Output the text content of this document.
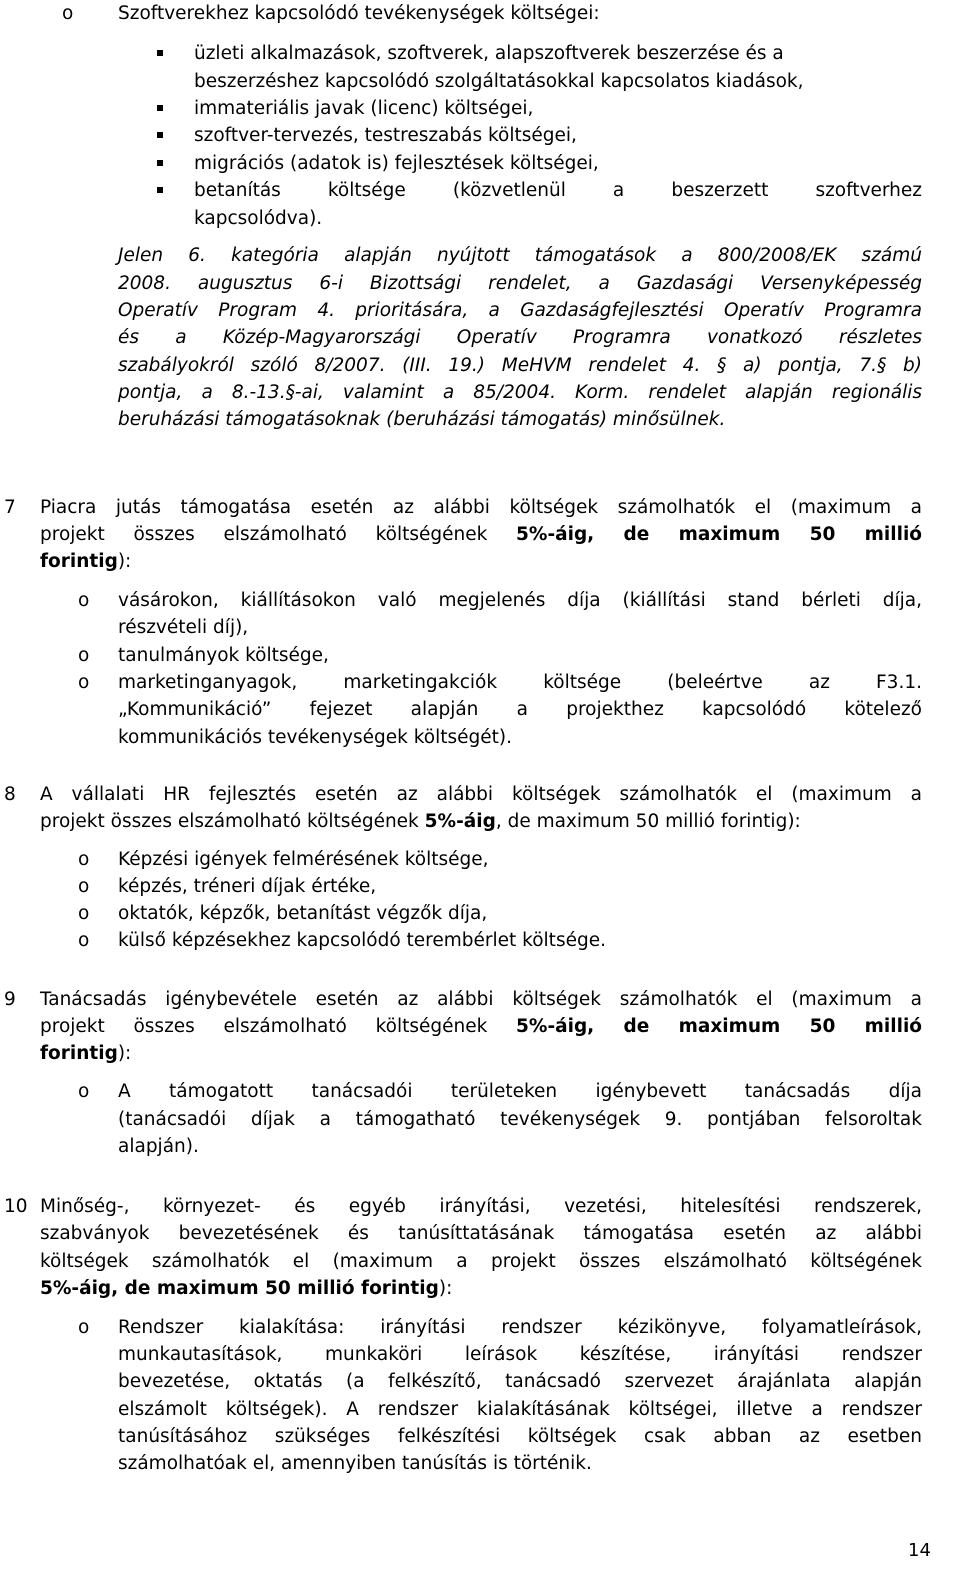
o Szoftverekhez kapcsolódó tevékenységek költségei:
üzleti alkalmazások, szoftverek, alapszoftverek beszerzése és a
beszerzéshez kapcsolódó szolgáltatásokkal kapcsolatos kiadások,
immateriális javak (licenc) költségei,
szoftver-tervezés, testreszabás költségei,
migrációs (adatok is) fejlesztések költségei,
betanítás költsége (közvetlenül a beszerzett szoftverhez
kapcsolódva).
Jelen 6. kategória alapján nyújtott támogatások a 800/2008/EK számú
2008. augusztus 6-i Bizottsági rendelet, a Gazdasági Versenyképesség
Operatív Program 4. prioritására, a Gazdaságfejlesztési Operatív Programra
és a Közép-Magyarországi Operatív Programra vonatkozó részletes
szabályokról szóló 8/2007. (III. 19.) MeHVM rendelet 4. § a) pontja, 7.§ b)
pontja, a 8.-13.§-ai, valamint a 85/2004. Korm. rendelet alapján regionális
beruházási támogatásoknak (beruházási támogatás) minősülnek.
7 Piacra jutás támogatása esetén az alábbi költségek számolhatók el (maximum a
projekt összes elszámolható költségének 5%-áig, de maximum 50 millió
forintig):
o vásárokon, kiállításokon való megjelenés díja (kiállítási stand bérleti díja,
részvételi díj),
o tanulmányok költsége,
o marketinganyagok, marketingakciók költsége (beleértve az F3.1.
„Kommunikáció” fejezet alapján a projekthez kapcsolódó kötelező
kommunikációs tevékenységek költségét).
8 A vállalati HR fejlesztés esetén az alábbi költségek számolhatók el (maximum a
projekt összes elszámolható költségének 5%-áig, de maximum 50 millió forintig):
o Képzési igények felmérésének költsége,
o képzés, tréneri díjak értéke,
o oktatók, képzők, betanítást végzők díja,
o külső képzésekhez kapcsolódó terembérlet költsége.
9 Tanácsadás igénybevétele esetén az alábbi költségek számolhatók el (maximum a
projekt összes elszámolható költségének 5%-áig, de maximum 50 millió
forintig):
o A támogatott tanácsadói területeken igénybevett tanácsadás díja
(tanácsadói díjak a támogatható tevékenységek 9. pontjában felsoroltak
alapján).
10 Minőség-, környezet- és egyéb irányítási, vezetési, hitelesítési rendszerek,
szabványok bevezetésének és tanúsíttatásának támogatása esetén az alábbi
költségek számolhatók el (maximum a projekt összes elszámolható költségének
5%-áig, de maximum 50 millió forintig):
o Rendszer kialakítása: irányítási rendszer kézikönyve, folyamatleírások,
munkautasítások, munkaköri leírások készítése, irányítási rendszer
bevezetése, oktatás (a felkészítő, tanácsadó szervezet árajánlata alapján
elszámolt költségek). A rendszer kialakításának költségei, illetve a rendszer
tanúsításához szükséges felkészítési költségek csak abban az esetben
számolhatóak el, amennyiben tanúsítás is történik.
14
